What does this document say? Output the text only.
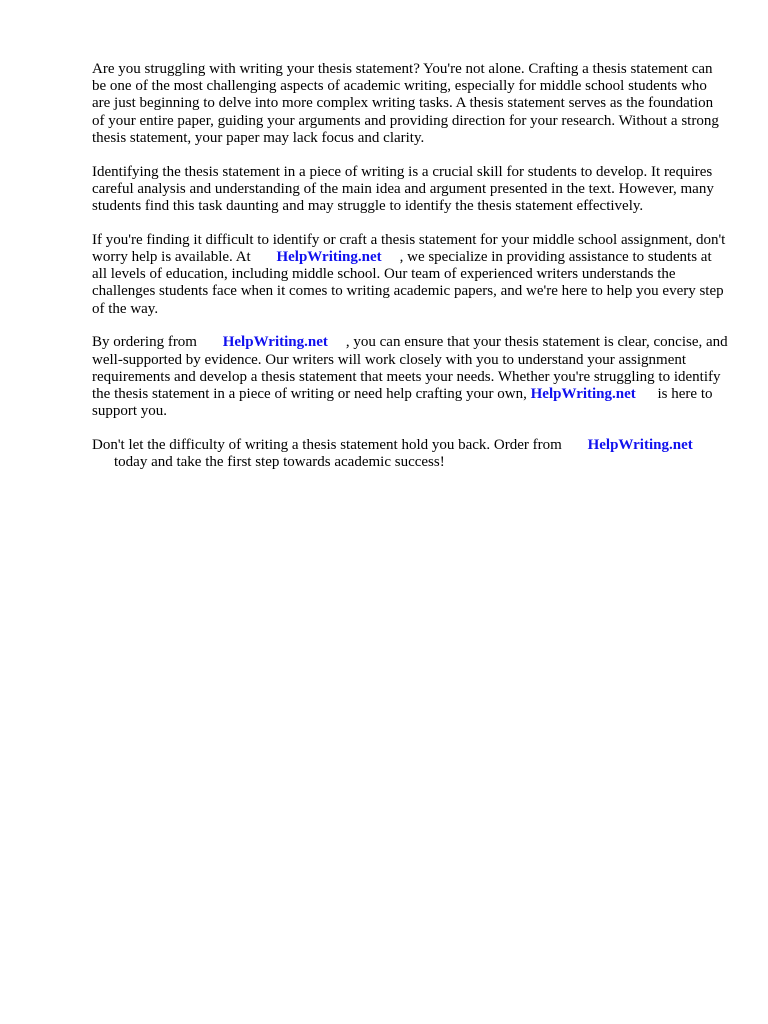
Are you struggling with writing your thesis statement? You're not alone. Crafting a thesis statement can be one of the most challenging aspects of academic writing, especially for middle school students who are just beginning to delve into more complex writing tasks. A thesis statement serves as the foundation of your entire paper, guiding your arguments and providing direction for your research. Without a strong thesis statement, your paper may lack focus and clarity.

Identifying the thesis statement in a piece of writing is a crucial skill for students to develop. It requires careful analysis and understanding of the main idea and argument presented in the text. However, many students find this task daunting and may struggle to identify the thesis statement effectively.

If you're finding it difficult to identify or craft a thesis statement for your middle school assignment, don't worry help is available. At HelpWriting.net , we specialize in providing assistance to students at all levels of education, including middle school. Our team of experienced writers understands the challenges students face when it comes to writing academic papers, and we're here to help you every step of the way.

By ordering from HelpWriting.net , you can ensure that your thesis statement is clear, concise, and well-supported by evidence. Our writers will work closely with you to understand your assignment requirements and develop a thesis statement that meets your needs. Whether you're struggling to identify the thesis statement in a piece of writing or need help crafting your own, HelpWriting.net is here to support you.

Don't let the difficulty of writing a thesis statement hold you back. Order from HelpWriting.net
today and take the first step towards academic success!
